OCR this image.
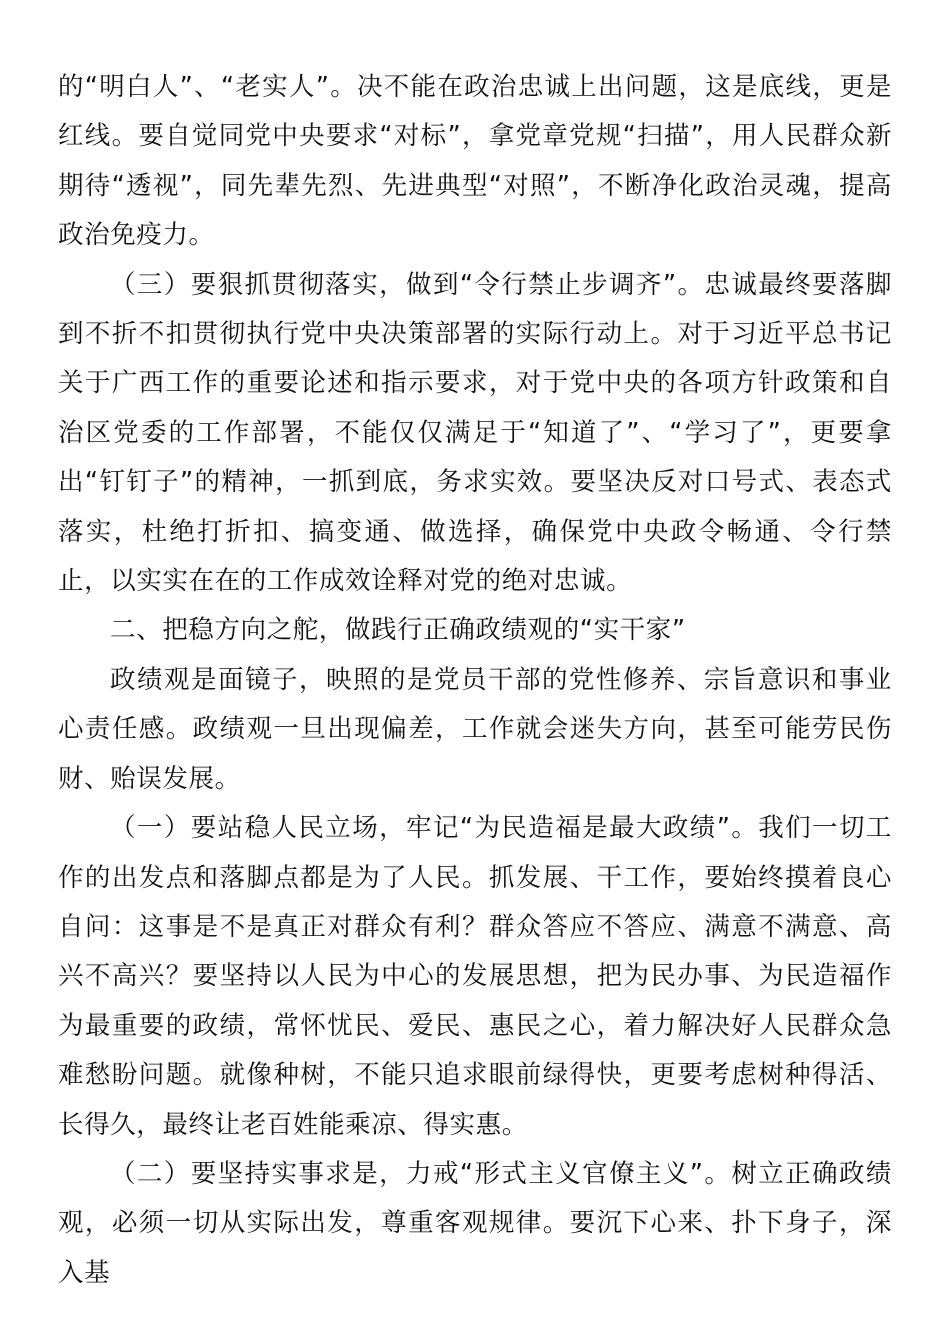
的“明白人”、“老实人”。决不能在政治忠诚上出问题，这是底线，更是红线。要自觉同党中央要求“对标”，拿党章党规“扫描”，用人民群众新期待“透视”，同先辈先烈、先进典型“对照”，不断净化政治灵魂，提高政治免疫力。

（三）要狠抓贯彻落实，做到“令行禁止步调齐”。忠诚最终要落脚到不折不扣贯彻执行党中央决策部署的实际行动上。对于习近平总书记关于广西工作的重要论述和指示要求，对于党中央的各项方针政策和自治区党委的工作部署，不能仅仅满足于“知道了”、“学习了”，更要拿出“钉钉子”的精神，一抓到底，务求实效。要坚决反对口号式、表态式落实，杜绝打折扣、搞变通、做选择，确保党中央政令畅通、令行禁止，以实实在在的工作成效诠释对党的绝对忠诚。

二、把稳方向之舵，做践行正确政绩观的“实干家”

政绩观是面镜子，映照的是党员干部的党性修养、宗旨意识和事业心责任感。政绩观一旦出现偏差，工作就会迷失方向，甚至可能劳民伤财、贻误发展。

（一）要站稳人民立场，牢记“为民造福是最大政绩”。我们一切工作的出发点和落脚点都是为了人民。抓发展、干工作，要始终摸着良心自问：这事是不是真正对群众有利？群众答应不答应、满意不满意、高兴不高兴？要坚持以人民为中心的发展思想，把为民办事、为民造福作为最重要的政绩，常怀忧民、爱民、惠民之心，着力解决好人民群众急难愁盼问题。就像种树，不能只追求眼前绿得快，更要考虑树种得活、长得久，最终让老百姓能乘凉、得实惠。

（二）要坚持实事求是，力戒“形式主义官僚主义”。树立正确政绩观，必须一切从实际出发，尊重客观规律。要沉下心来、扑下身子，深入基
